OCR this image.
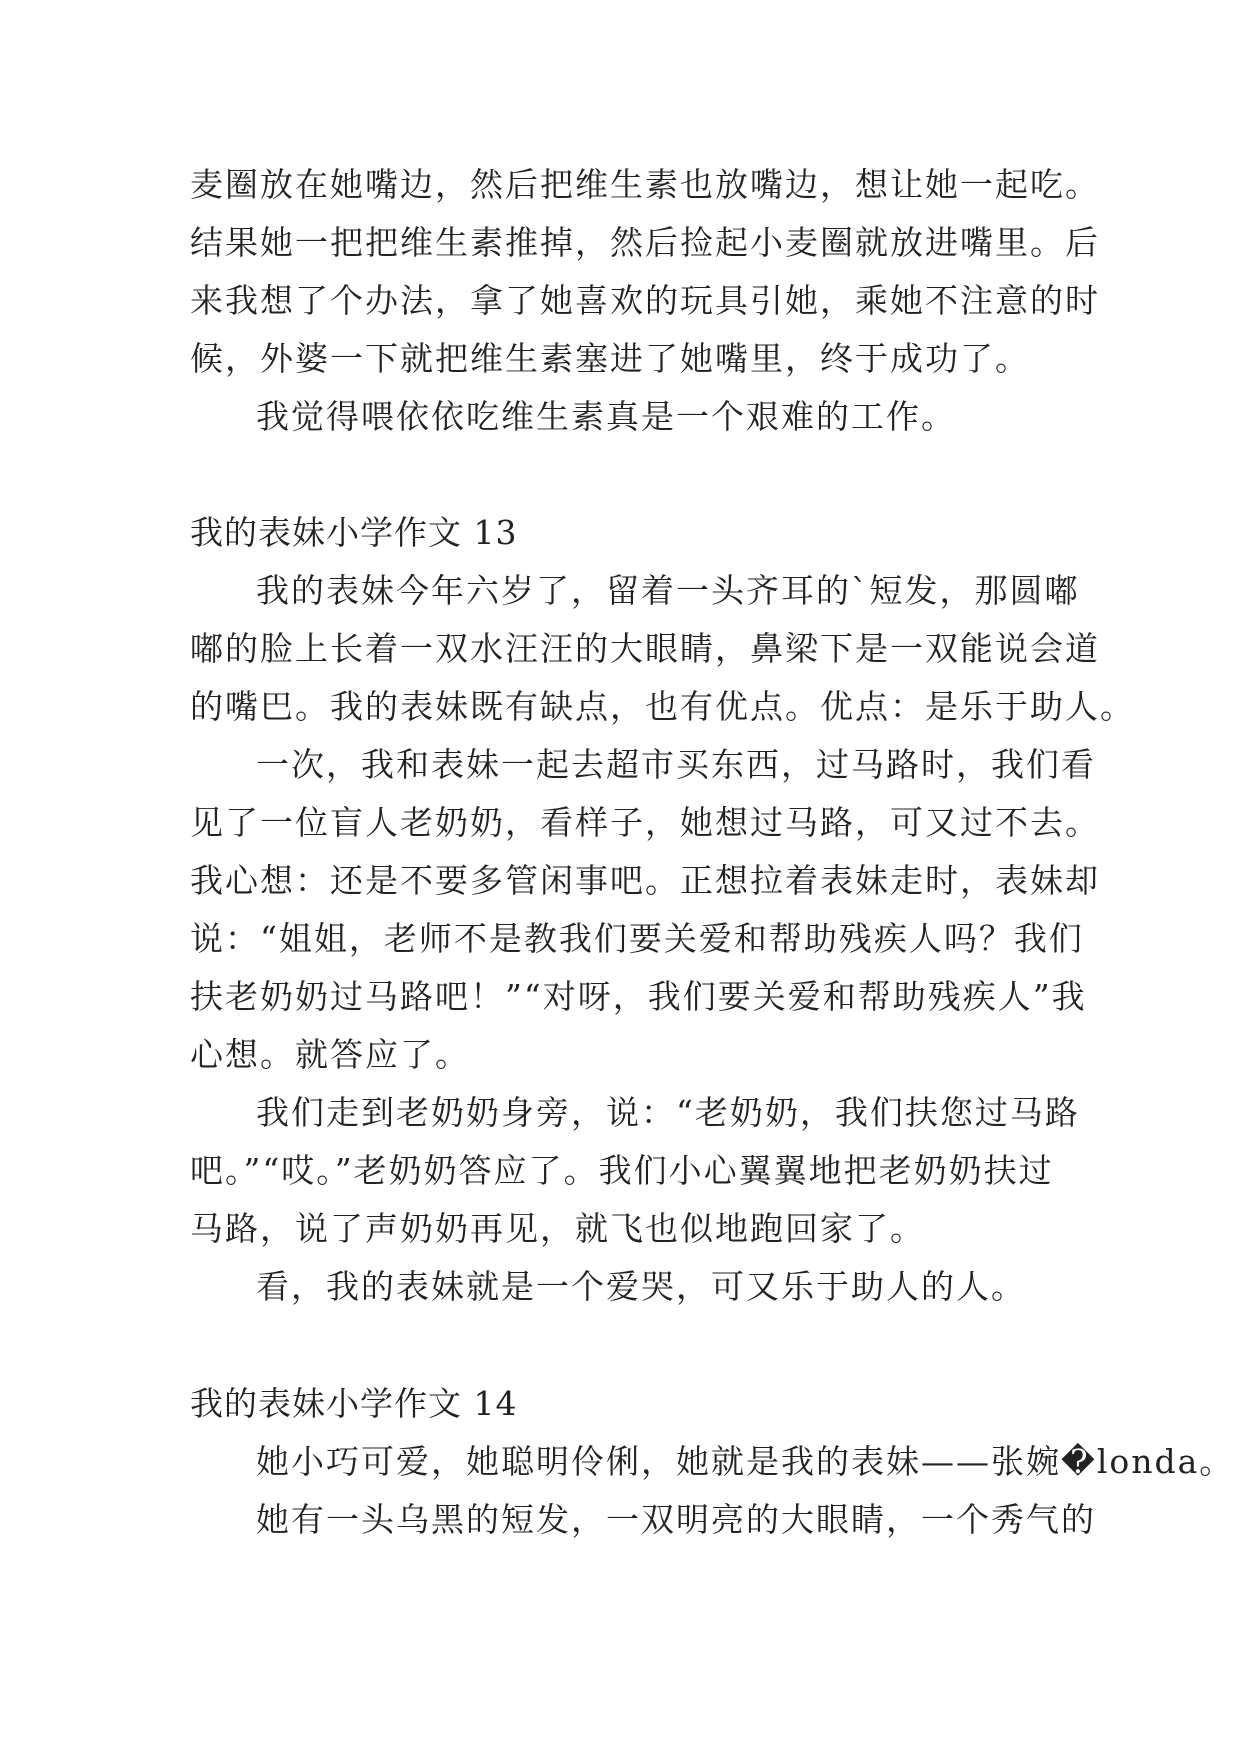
麦圈放在她嘴边，然后把维生素也放嘴边，想让她一起吃。
结果她一把把维生素推掉，然后捡起小麦圈就放进嘴里。后
来我想了个办法，拿了她喜欢的玩具引她，乘她不注意的时
候，外婆一下就把维生素塞进了她嘴里，终于成功了。
我觉得喂依依吃维生素真是一个艰难的工作。
我的表妹小学作文 13
我的表妹今年六岁了，留着一头齐耳的`短发，那圆嘟
嘟的脸上长着一双水汪汪的大眼睛，鼻梁下是一双能说会道
的嘴巴。我的表妹既有缺点，也有优点。优点：是乐于助人。
一次，我和表妹一起去超市买东西，过马路时，我们看
见了一位盲人老奶奶，看样子，她想过马路，可又过不去。
我心想：还是不要多管闲事吧。正想拉着表妹走时，表妹却
说：“姐姐，老师不是教我们要关爱和帮助残疾人吗？我们
扶老奶奶过马路吧！”“对呀，我们要关爱和帮助残疾人”我
心想。就答应了。
我们走到老奶奶身旁，说：“老奶奶，我们扶您过马路
吧。”“哎。”老奶奶答应了。我们小心翼翼地把老奶奶扶过
马路，说了声奶奶再见，就飞也似地跑回家了。
看，我的表妹就是一个爱哭，可又乐于助人的人。
我的表妹小学作文 14
她小巧可爱，她聪明伶俐，她就是我的表妹——张婉�londa。
她有一头乌黑的短发，一双明亮的大眼睛，一个秀气的
